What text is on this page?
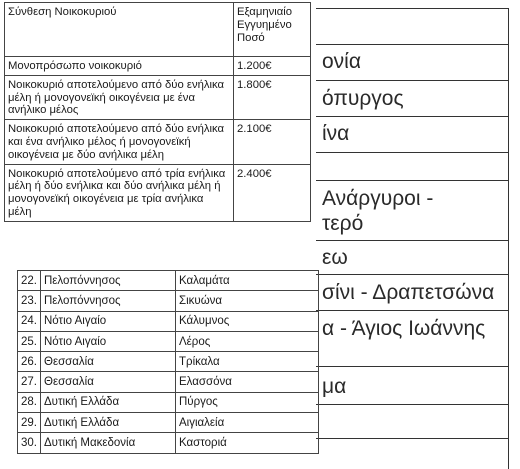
ονία
όπυργος
ίνα
Ανάργυροι -
τερό
εω
σίνι - Δραπετσώνα
α - Άγιος Ιωάννης
μα
22.	Πελοπόννησος	Καλαμάτα
23.	Πελοπόννησος	Σικυώνα
24.	Νότιο Αιγαίο	Κάλυμνος
25.	Νότιο Αιγαίο	Λέρος
26.	Θεσσαλία	Τρίκαλα
27.	Θεσσαλία	Ελασσόνα
28.	Δυτική Ελλάδα	Πύργος
29.	Δυτική Ελλάδα	Αιγιαλεία
30.	Δυτική Μακεδονία	Καστοριά
Σύνθεση Νοικοκυριού	Εξαμηνιαίο Εγγυημένο Ποσό
Μονοπρόσωπο νοικοκυριό	1.200€
Νοικοκυριό αποτελούμενο από δύο ενήλικα μέλη ή μονογονεϊκή οικογένεια με ένα ανήλικο μέλος	1.800€
Νοικοκυριό αποτελούμενο από δύο ενήλικα και ένα ανήλικο μέλος ή μονογονεϊκή οικογένεια με δύο ανήλικα μέλη	2.100€
Νοικοκυριό αποτελούμενο από τρία ενήλικα μέλη ή δύο ενήλικα και δύο ανήλικα μέλη ή μονογονεϊκή οικογένεια με τρία ανήλικα μέλη	2.400€
